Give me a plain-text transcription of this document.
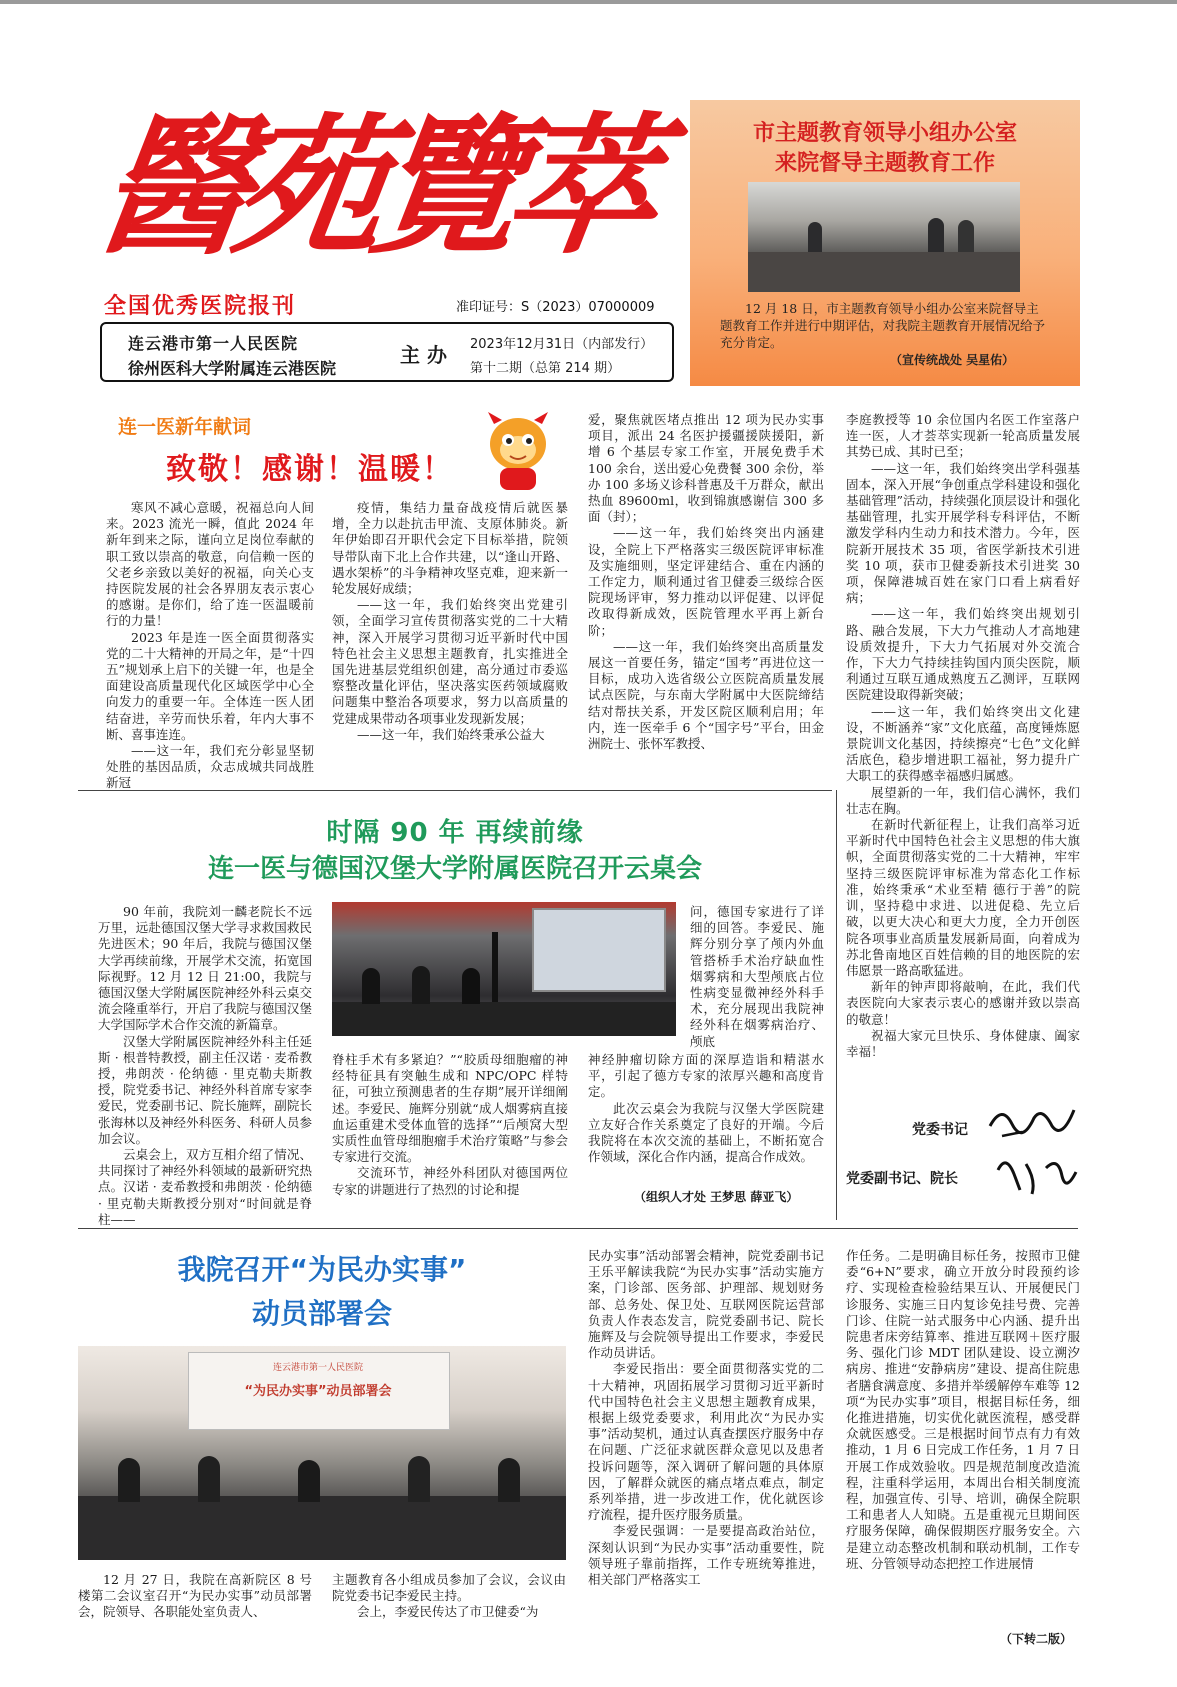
醫苑覽萃
全国优秀医院报刊	准印证号：S（2023）07000009
连云港市第一人民医院
徐州医科大学附属连云港医院
主 办 2023年12月31日（内部发行）
第十二期（总第 214 期）
市主题教育领导小组办公室
来院督导主题教育工作
12 月 18 日，市主题教育领导小组办公室来院督导主题教育工作并进行中期评估，对我院主题教育开展情况给予充分肯定。
（宣传统战处 吴星佑）
连一医新年献词
致敬！感谢！温暖！

寒风不减心意暖，祝福总向人间来。2023 流光一瞬，值此 2024 年新年到来之际，谨向立足岗位奉献的职工致以崇高的敬意，向信赖一医的父老乡亲致以美好的祝福，向关心支持医院发展的社会各界朋友表示衷心的感谢。是你们，给了连一医温暖前行的力量！

2023 年是连一医全面贯彻落实党的二十大精神的开局之年，是“十四五”规划承上启下的关键一年，也是全面建设高质量现代化区域医学中心全向发力的重要一年。全体连一医人团结奋进，辛劳而快乐着，年内大事不断、喜事连连。

——这一年，我们充分彰显坚韧处胜的基因品质，众志成城共同战胜新冠

疫情，集结力量奋战疫情后就医暴增，全力以赴抗击甲流、支原体肺炎。新年伊始即召开职代会定下目标举措，院领导带队南下北上合作共建，以“逢山开路、遇水架桥”的斗争精神攻坚克难，迎来新一轮发展好成绩；

——这一年，我们始终突出党建引领，全面学习宣传贯彻落实党的二十大精神，深入开展学习贯彻习近平新时代中国特色社会主义思想主题教育，扎实推进全国先进基层党组织创建，高分通过市委巡察整改量化评估，坚决落实医药领域腐败问题集中整治各项要求，努力以高质量的党建成果带动各项事业发现新发展；

——这一年，我们始终秉承公益大

爱，聚焦就医堵点推出 12 项为民办实事项目，派出 24 名医护援疆援陕援阳，新增 6 个基层专家工作室，开展免费手术 100 余台，送出爱心免费餐 300 余份，举办 100 多场义诊科普惠及千万群众，献出热血 89600ml，收到锦旗感谢信 300 多面（封）；

——这一年，我们始终突出内涵建设，全院上下严格落实三级医院评审标准及实施细则，坚定评建结合、重在内涵的工作定力，顺利通过省卫健委三级综合医院现场评审，努力推动以评促建、以评促改取得新成效，医院管理水平再上新台阶；

——这一年，我们始终突出高质量发展这一首要任务，锚定“国考”再进位这一目标，成功入选省级公立医院高质量发展试点医院，与东南大学附属中大医院缔结结对帮扶关系，开发区院区顺利启用；年内，连一医牵手 6 个“国字号”平台，田金洲院士、张怀军教授、

李庭教授等 10 余位国内名医工作室落户连一医，人才荟萃实现新一轮高质量发展其势已成、其时已至；

——这一年，我们始终突出学科强基固本，深入开展“争创重点学科建设和强化基础管理”活动，持续强化顶层设计和强化基础管理，扎实开展学科专科评估，不断激发学科内生动力和技术潜力。今年，医院新开展技术 35 项，省医学新技术引进奖 10 项，获市卫健委新技术引进奖 30 项，保障港城百姓在家门口看上病看好病；

——这一年，我们始终突出规划引路、融合发展，下大力气推动人才高地建设质效提升，下大力气拓展对外交流合作，下大力气持续挂钩国内顶尖医院，顺利通过互联互通成熟度五乙测评，互联网医院建设取得新突破；

——这一年，我们始终突出文化建设，不断涵养“家”文化底蕴，高度锤炼愿景院训文化基因，持续擦亮“七色”文化鲜活底色，稳步增进职工福祉，努力提升广大职工的获得感幸福感归属感。

展望新的一年，我们信心满怀，我们壮志在胸。

在新时代新征程上，让我们高举习近平新时代中国特色社会主义思想的伟大旗帜，全面贯彻落实党的二十大精神，牢牢坚持三级医院评审标准为常态化工作标准，始终秉承“术业至精 德行于善”的院训，坚持稳中求进、以进促稳、先立后破，以更大决心和更大力度，全力开创医院各项事业高质量发展新局面，向着成为苏北鲁南地区百姓信赖的目的地医院的宏伟愿景一路高歌猛进。

新年的钟声即将敲响，在此，我们代表医院向大家表示衷心的感谢并致以崇高的敬意！

祝福大家元旦快乐、身体健康、阖家幸福！

党委书记
党委副书记、院长
时隔 90 年 再续前缘
连一医与德国汉堡大学附属医院召开云桌会

90 年前，我院刘一麟老院长不远万里，远赴德国汉堡大学寻求救国救民先进医术；90 年后，我院与德国汉堡大学再续前缘，开展学术交流，拓宽国际视野。12 月 12 日 21:00，我院与德国汉堡大学附属医院神经外科云桌交流会隆重举行，开启了我院与德国汉堡大学国际学术合作交流的新篇章。

汉堡大学附属医院神经外科主任延斯 · 根普特教授，副主任汉诺 · 麦希教授，弗朗茨 · 伦纳德 · 里克勒夫斯教授，院党委书记、神经外科首席专家李爱民，党委副书记、院长施辉，副院长张海林以及神经外科医务、科研人员参加会议。

云桌会上，双方互相介绍了情况、共同探讨了神经外科领域的最新研究热点。汉诺 · 麦希教授和弗朗茨 · 伦纳德 · 里克勒夫斯教授分别对“时间就是脊柱——

问，德国专家进行了详细的回答。李爱民、施辉分别分享了颅内外血管搭桥手术治疗缺血性烟雾病和大型颅底占位性病变显微神经外科手术，充分展现出我院神经外科在烟雾病治疗、颅底

脊柱手术有多紧迫？”“胶质母细胞瘤的神经特征具有突触生成和 NPC/OPC 样特征，可独立预测患者的生存期”展开详细阐述。李爱民、施辉分别就“成人烟雾病直接血运重建术受体血管的选择”“后颅窝大型实质性血管母细胞瘤手术治疗策略”与参会专家进行交流。

交流环节，神经外科团队对德国两位专家的讲题进行了热烈的讨论和提

神经肿瘤切除方面的深厚造诣和精湛水平，引起了德方专家的浓厚兴趣和高度肯定。

此次云桌会为我院与汉堡大学医院建立友好合作关系奠定了良好的开端。今后我院将在本次交流的基础上，不断拓宽合作领域，深化合作内涵，提高合作成效。

（组织人才处 王梦思 薛亚飞）
我院召开“为民办实事”
动员部署会
连云港市第一人民医院
“为民办实事”动员部署会

12 月 27 日，我院在高新院区 8 号楼第二会议室召开“为民办实事”动员部署会，院领导、各职能处室负责人、

主题教育各小组成员参加了会议，会议由院党委书记李爱民主持。

会上，李爱民传达了市卫健委“为

民办实事”活动部署会精神，院党委副书记王乐平解读我院“为民办实事”活动实施方案，门诊部、医务部、护理部、规划财务部、总务处、保卫处、互联网医院运营部负责人作表态发言，院党委副书记、院长施辉及与会院领导提出工作要求，李爱民作动员讲话。

李爱民指出：要全面贯彻落实党的二十大精神，巩固拓展学习贯彻习近平新时代中国特色社会主义思想主题教育成果，根据上级党委要求，利用此次“为民办实事”活动契机，通过认真查摆医疗服务中存在问题、广泛征求就医群众意见以及患者投诉问题等，深入调研了解问题的具体原因，了解群众就医的痛点堵点难点，制定系列举措，进一步改进工作，优化就医诊疗流程，提升医疗服务质量。

李爱民强调：一是要提高政治站位，深刻认识到“为民办实事”活动重要性，院领导班子靠前指挥，工作专班统筹推进，相关部门严格落实工

作任务。二是明确目标任务，按照市卫健委“6+N”要求，确立开放分时段预约诊疗、实现检查检验结果互认、开展便民门诊服务、实施三日内复诊免挂号费、完善门诊、住院一站式服务中心内涵、提升出院患者床旁结算率、推进互联网＋医疗服务、强化门诊 MDT 团队建设、设立溯汐病房、推进“安静病房”建设、提高住院患者膳食满意度、多措并举缓解停车难等 12 项“为民办实事”项目，根据目标任务，细化推进措施，切实优化就医流程，感受群众就医感受。三是根据时间节点有力有效推动，1 月 6 日完成工作任务，1 月 7 日开展工作成效验收。四是规范制度改造流程，注重科学运用，本周出台相关制度流程，加强宣传、引导、培训，确保全院职工和患者人人知晓。五是重视元旦期间医疗服务保障，确保假期医疗服务安全。六是建立动态整改机制和联动机制，工作专班、分管领导动态把控工作进展情

（下转二版）
